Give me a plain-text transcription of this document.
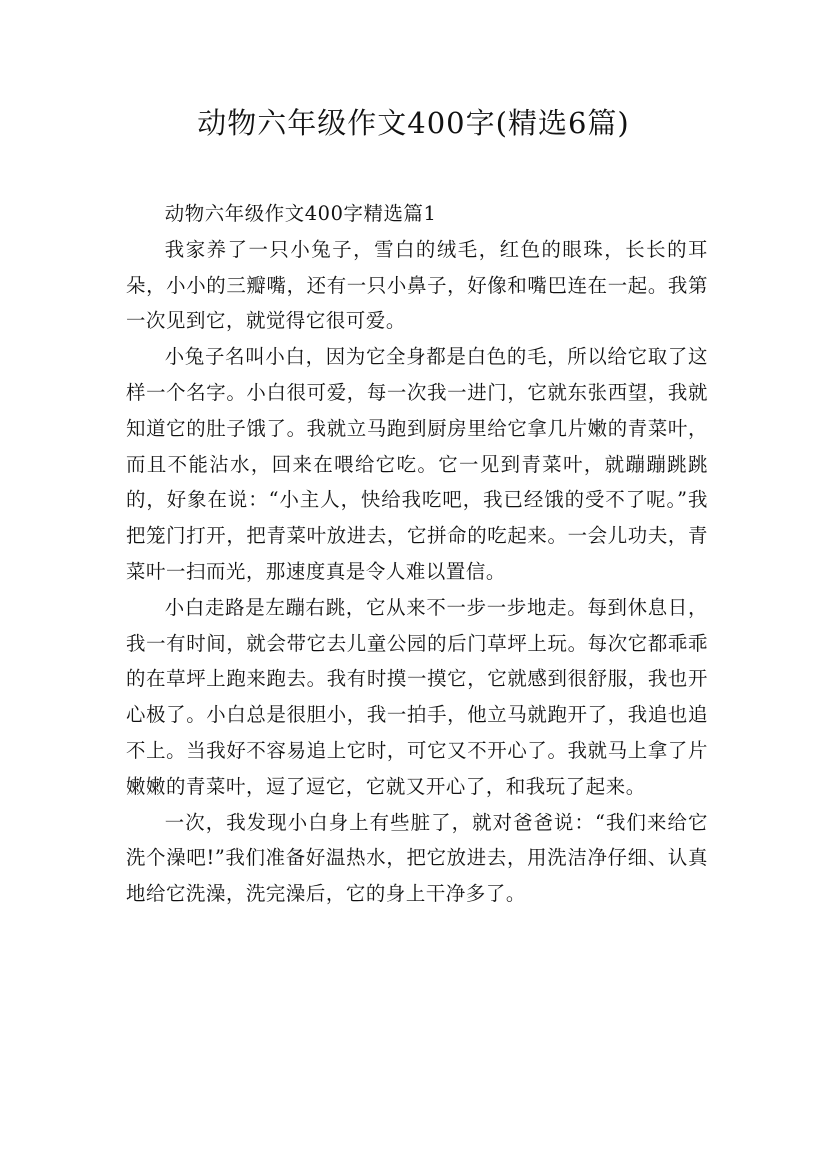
动物六年级作文400字(精选6篇)

动物六年级作文400字精选篇1

我家养了一只小兔子，雪白的绒毛，红色的眼珠，长长的耳朵，小小的三瓣嘴，还有一只小鼻子，好像和嘴巴连在一起。我第一次见到它，就觉得它很可爱。

小兔子名叫小白，因为它全身都是白色的毛，所以给它取了这样一个名字。小白很可爱，每一次我一进门，它就东张西望，我就知道它的肚子饿了。我就立马跑到厨房里给它拿几片嫩的青菜叶，而且不能沾水，回来在喂给它吃。它一见到青菜叶，就蹦蹦跳跳的，好象在说：“小主人，快给我吃吧，我已经饿的受不了呢。”我把笼门打开，把青菜叶放进去，它拼命的吃起来。一会儿功夫，青菜叶一扫而光，那速度真是令人难以置信。

小白走路是左蹦右跳，它从来不一步一步地走。每到休息日，我一有时间，就会带它去儿童公园的后门草坪上玩。每次它都乖乖的在草坪上跑来跑去。我有时摸一摸它，它就感到很舒服，我也开心极了。小白总是很胆小，我一拍手，他立马就跑开了，我追也追不上。当我好不容易追上它时，可它又不开心了。我就马上拿了片嫩嫩的青菜叶，逗了逗它，它就又开心了，和我玩了起来。

一次，我发现小白身上有些脏了，就对爸爸说：“我们来给它洗个澡吧!”我们准备好温热水，把它放进去，用洗洁净仔细、认真地给它洗澡，洗完澡后，它的身上干净多了。
